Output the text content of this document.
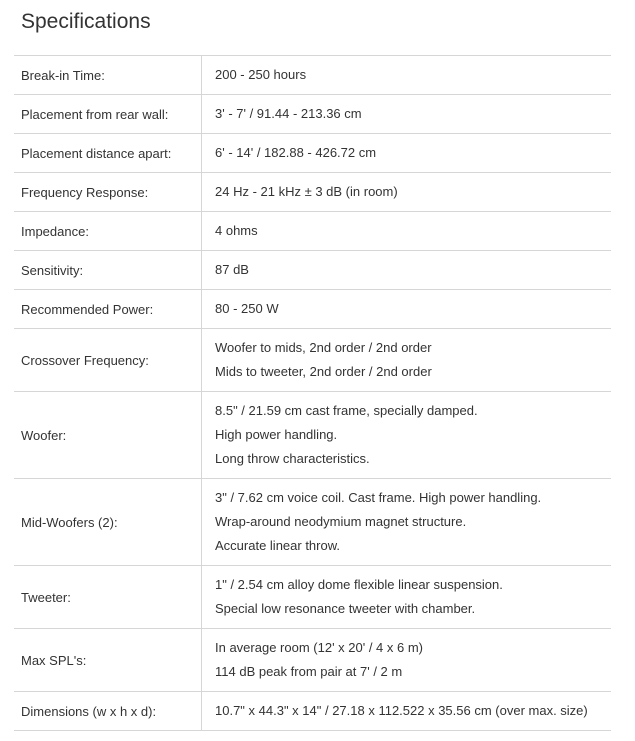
Specifications
Break-in Time:	200 - 250 hours

Placement from rear wall:	3' - 7' / 91.44 - 213.36 cm

Placement distance apart:	6' - 14' / 182.88 - 426.72 cm

Frequency Response:	24 Hz - 21 kHz ± 3 dB (in room)

Impedance:	4 ohms

Sensitivity:	87 dB

Recommended Power:	80 - 250 W

Crossover Frequency:	Woofer to mids, 2nd order / 2nd order
Mids to tweeter, 2nd order / 2nd order

Woofer:	8.5" / 21.59 cm cast frame, specially damped.
High power handling.
Long throw characteristics.

Mid-Woofers (2):	3" / 7.62 cm voice coil. Cast frame. High power handling.
Wrap-around neodymium magnet structure.
Accurate linear throw.

Tweeter:	1" / 2.54 cm alloy dome flexible linear suspension.
Special low resonance tweeter with chamber.

Max SPL's:	In average room (12' x 20' / 4 x 6 m)
114 dB peak from pair at 7' / 2 m

Dimensions (w x h x d):	10.7" x 44.3" x 14" / 27.18 x 112.522 x 35.56 cm (over max. size)
